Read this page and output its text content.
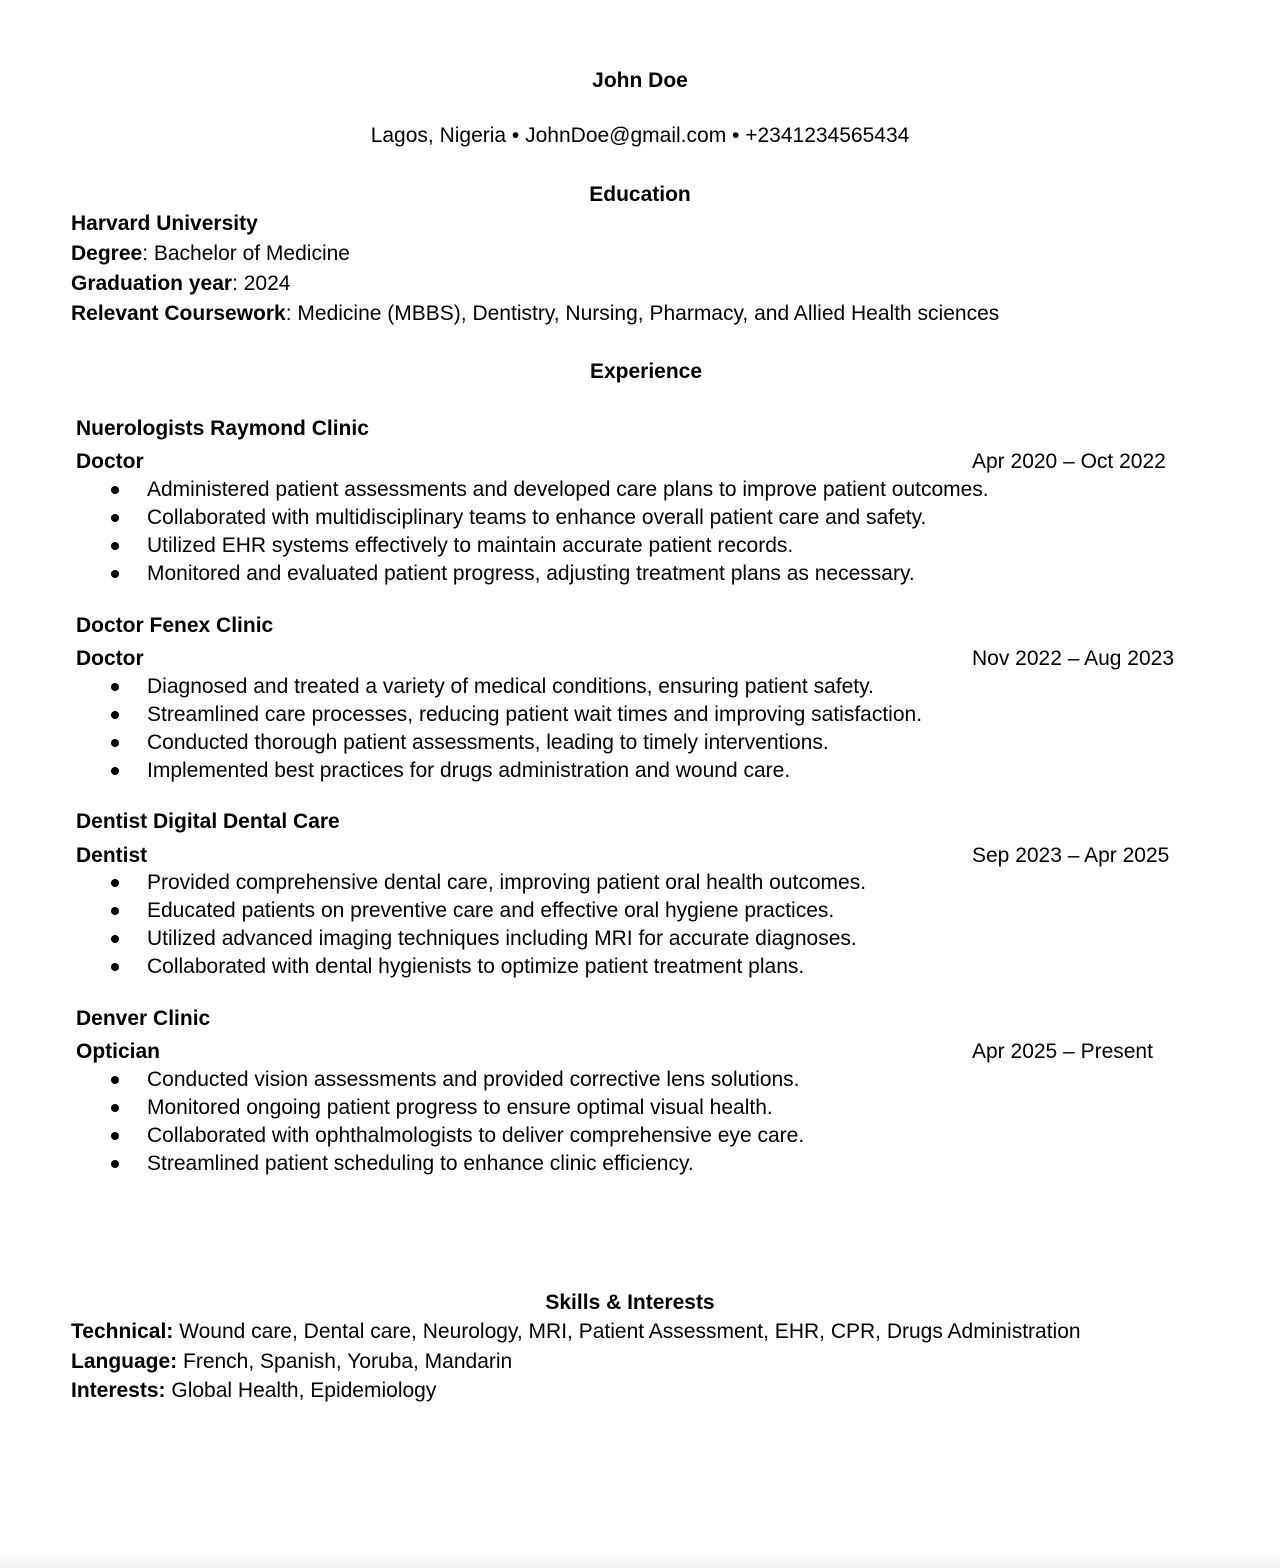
John Doe
Lagos, Nigeria • JohnDoe@gmail.com • +2341234565434
Education
Harvard University
Degree: Bachelor of Medicine
Graduation year: 2024
Relevant Coursework: Medicine (MBBS), Dentistry, Nursing, Pharmacy, and Allied Health sciences
Experience
Nuerologists Raymond Clinic
Doctor	Apr 2020 – Oct 2022
Administered patient assessments and developed care plans to improve patient outcomes.
Collaborated with multidisciplinary teams to enhance overall patient care and safety.
Utilized EHR systems effectively to maintain accurate patient records.
Monitored and evaluated patient progress, adjusting treatment plans as necessary.
Doctor Fenex Clinic
Doctor	Nov 2022 – Aug 2023
Diagnosed and treated a variety of medical conditions, ensuring patient safety.
Streamlined care processes, reducing patient wait times and improving satisfaction.
Conducted thorough patient assessments, leading to timely interventions.
Implemented best practices for drugs administration and wound care.
Dentist Digital Dental Care
Dentist	Sep 2023 – Apr 2025
Provided comprehensive dental care, improving patient oral health outcomes.
Educated patients on preventive care and effective oral hygiene practices.
Utilized advanced imaging techniques including MRI for accurate diagnoses.
Collaborated with dental hygienists to optimize patient treatment plans.
Denver Clinic
Optician	Apr 2025 – Present
Conducted vision assessments and provided corrective lens solutions.
Monitored ongoing patient progress to ensure optimal visual health.
Collaborated with ophthalmologists to deliver comprehensive eye care.
Streamlined patient scheduling to enhance clinic efficiency.
Skills & Interests
Technical: Wound care, Dental care, Neurology, MRI, Patient Assessment, EHR, CPR, Drugs Administration
Language: French, Spanish, Yoruba, Mandarin
Interests: Global Health, Epidemiology
